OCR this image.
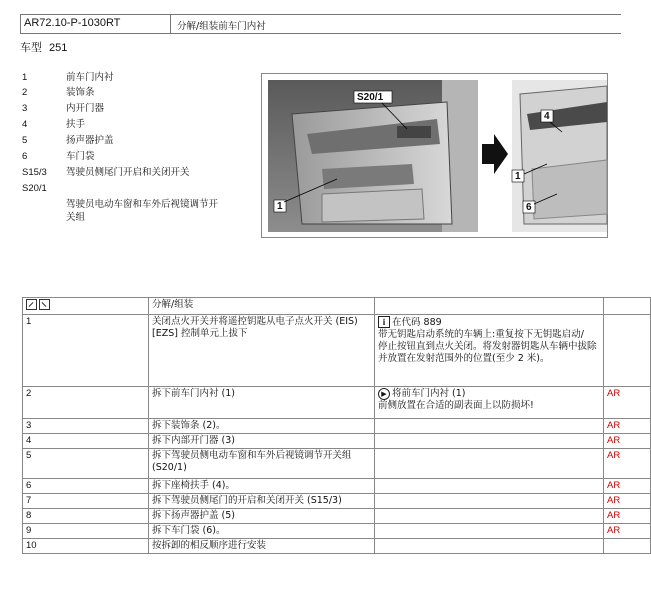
AR72.10-P-1030RT	分解/组装前车门内衬
车型 251
1	前车门内衬
2	装饰条
3	内开门器
4	扶手
5	扬声器护盖
6	车门袋
S15/3 驾驶员侧尾门开启和关闭开关
S20/1
驾驶员电动车窗和车外后视镜调节开
关组
S20/1
1
4
1
6
	分解/组装		
1	关闭点火开关并将遥控钥匙从电子点火开关 (EIS) [EZS] 控制单元上拔下	i 在代码 889
带无钥匙启动系统的车辆上:重复按下无钥匙启动/
停止按钮直到点火关闭。将发射器钥匙从车辆中拔除并放置在发射范围外的位置(至少 2 米)。	
2	拆下前车门内衬 (1)	▶ 将前车门内衬 (1)
前侧放置在合适的副表面上以防损坏!	AR
3	拆下装饰条 (2)。		AR
4	拆下内部开门器 (3)		AR
5	拆下驾驶员侧电动车窗和车外后视镜调节开关组 (S20/1)		AR
6	拆下座椅扶手 (4)。		AR
7	拆下驾驶员侧尾门的开启和关闭开关 (S15/3)		AR
8	拆下扬声器护盖 (5)		AR
9	拆下车门袋 (6)。		AR
10	按拆卸的相反顺序进行安装		
